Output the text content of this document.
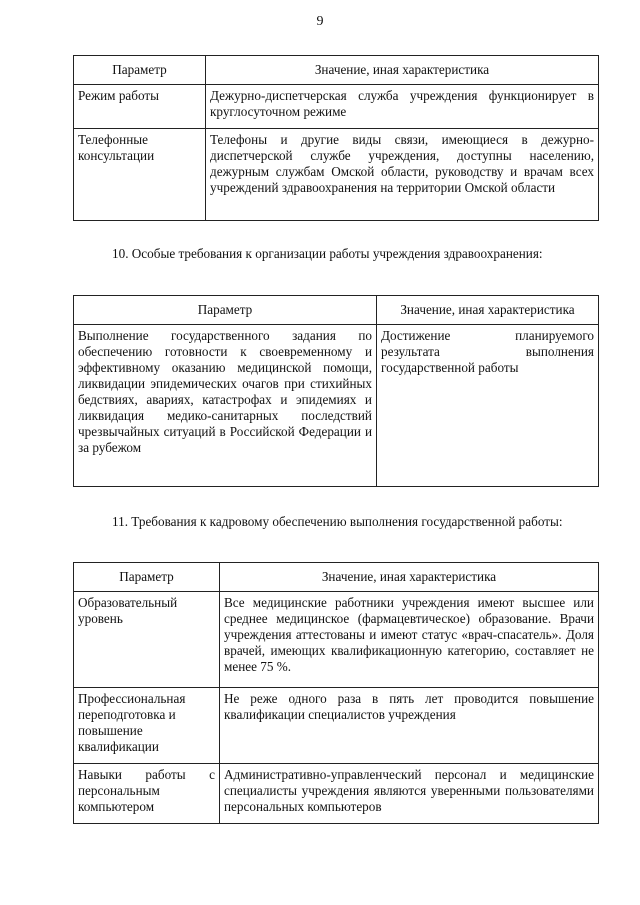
9
Параметр	Значение, иная характеристика
Режим работы	Дежурно-диспетчерская служба учреждения функционирует в круглосуточном режиме
Телефонные консультации	Телефоны и другие виды связи, имеющиеся в дежурно-диспетчерской службе учреждения, доступны населению, дежурным службам Омской области, руководству и врачам всех учреждений здравоохранения на территории Омской области
10. Особые требования к организации работы учреждения здравоохранения:
Параметр	Значение, иная характеристика
Выполнение государственного задания по обеспечению готовности к своевременному и эффективному оказанию медицинской помощи, ликвидации эпидемических очагов при стихийных бедствиях, авариях, катастрофах и эпидемиях и ликвидация медико-санитарных последствий чрезвычайных ситуаций в Российской Федерации и за рубежом	Достижение планируемого результата выполнения государственной работы
11. Требования к кадровому обеспечению выполнения государственной работы:
Параметр	Значение, иная характеристика
Образовательный уровень	Все медицинские работники учреждения имеют высшее или среднее медицинское (фармацевтическое) образование. Врачи учреждения аттестованы и имеют статус «врач-спасатель». Доля врачей, имеющих квалификационную категорию, составляет не менее 75 %.
Профессиональная переподготовка и повышение квалификации	Не реже одного раза в пять лет проводится повышение квалификации специалистов учреждения
Навыки работы с персональным компьютером	Административно-управленческий персонал и медицинские специалисты учреждения являются уверенными пользователями персональных компьютеров
